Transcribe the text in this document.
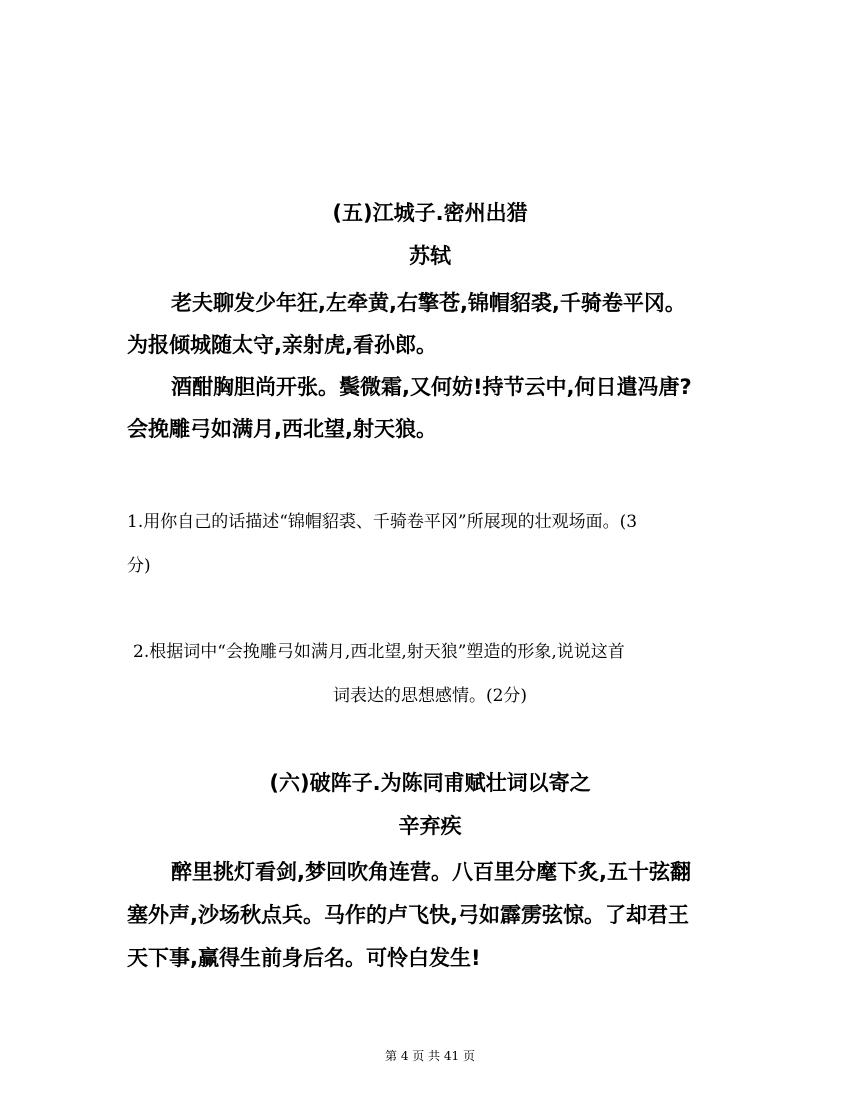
(五)江城子.密州出猎
苏轼
老夫聊发少年狂,左牵黄,右擎苍,锦帽貂裘,千骑卷平冈。
为报倾城随太守,亲射虎,看孙郎。
酒酣胸胆尚开张。鬓微霜,又何妨!持节云中,何日遣冯唐?
会挽雕弓如满月,西北望,射天狼。
1.用你自己的话描述“锦帽貂裘、千骑卷平冈”所展现的壮观场面。(3
分)
2.根据词中“会挽雕弓如满月,西北望,射天狼”塑造的形象,说说这首
词表达的思想感情。(2分)
(六)破阵子.为陈同甫赋壮词以寄之
辛弃疾
醉里挑灯看剑,梦回吹角连营。八百里分麾下炙,五十弦翻
塞外声,沙场秋点兵。马作的卢飞快,弓如霹雳弦惊。了却君王
天下事,赢得生前身后名。可怜白发生!
第 4 页 共 41 页
